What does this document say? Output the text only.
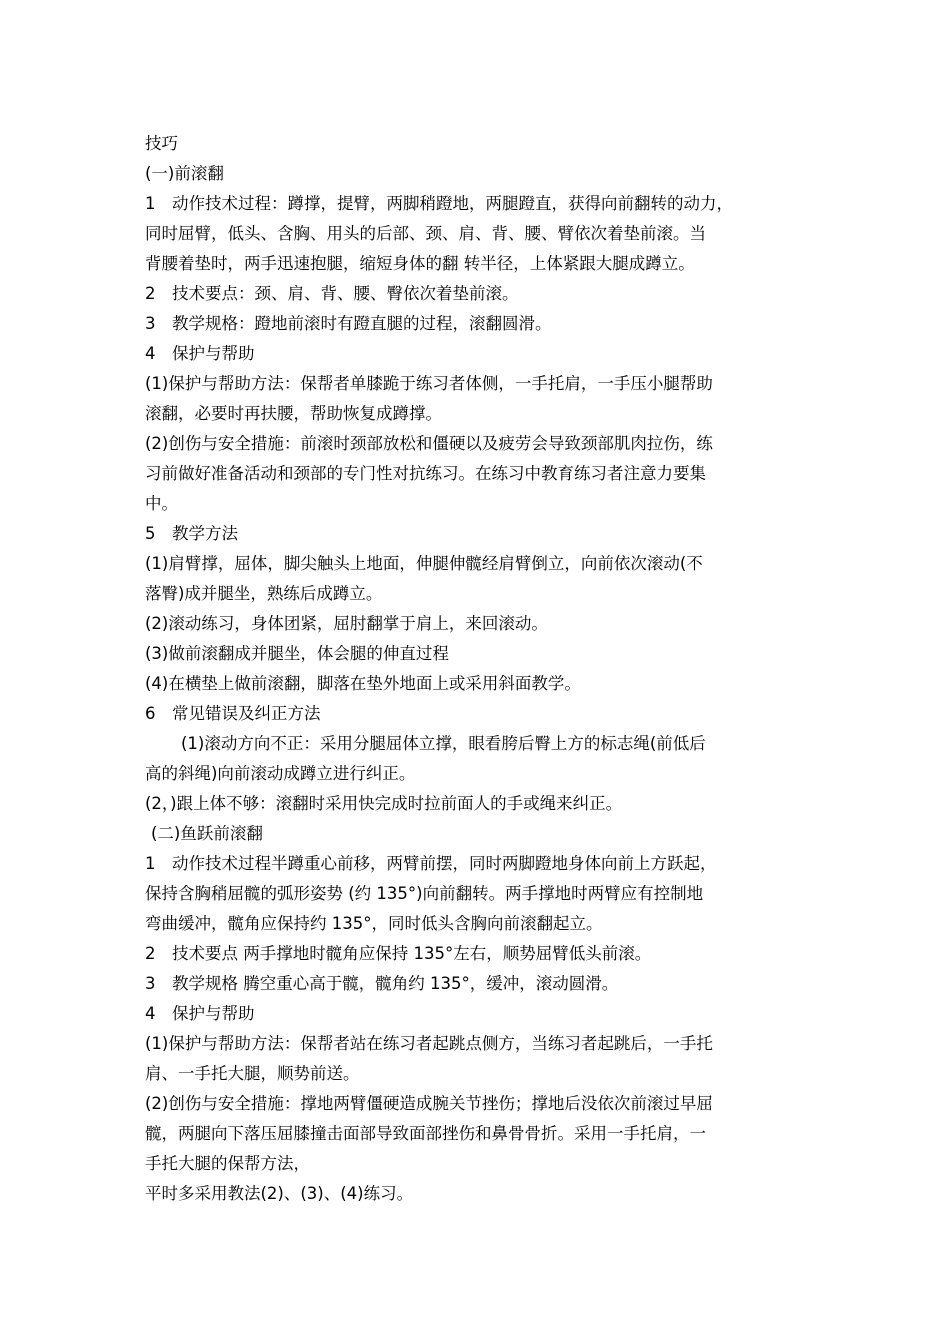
技巧
(一)前滚翻
1　动作技术过程：蹲撑，提臂，两脚稍蹬地，两腿蹬直，获得向前翻转的动力，
同时屈臂，低头、含胸、用头的后部、颈、肩、背、腰、臂依次着垫前滚。当
背腰着垫时，两手迅速抱腿，缩短身体的翻 转半径，上体紧跟大腿成蹲立。
2　技术要点：颈、肩、背、腰、臀依次着垫前滚。
3　教学规格：蹬地前滚时有蹬直腿的过程，滚翻圆滑。
4　保护与帮助
(1)保护与帮助方法：保帮者单膝跪于练习者体侧，一手托肩，一手压小腿帮助
滚翻，必要时再扶腰，帮助恢复成蹲撑。
(2)创伤与安全措施：前滚时颈部放松和僵硬以及疲劳会导致颈部肌肉拉伤，练
习前做好准备活动和颈部的专门性对抗练习。在练习中教育练习者注意力要集
中。
5　教学方法
(1)肩臂撑，屈体，脚尖触头上地面，伸腿伸髋经肩臂倒立，向前依次滚动(不
落臀)成并腿坐，熟练后成蹲立。
(2)滚动练习，身体团紧，屈肘翻掌于肩上，来回滚动。
(3)做前滚翻成并腿坐，体会腿的伸直过程
(4)在横垫上做前滚翻，脚落在垫外地面上或采用斜面教学。
6　常见错误及纠正方法
(1)滚动方向不正：采用分腿屈体立撑，眼看胯后臀上方的标志绳(前低后
高的斜绳)向前滚动成蹲立进行纠正。
(2，)跟上体不够：滚翻时采用快完成时拉前面人的手或绳来纠正。
(二)鱼跃前滚翻
1　动作技术过程半蹲重心前移，两臂前摆，同时两脚蹬地身体向前上方跃起，
保持含胸稍屈髋的弧形姿势 (约 135°)向前翻转。两手撑地时两臂应有控制地
弯曲缓冲，髋角应保持约 135°，同时低头含胸向前滚翻起立。
2　技术要点 两手撑地时髋角应保持 135°左右，顺势屈臂低头前滚。
3　教学规格 腾空重心高于髋，髋角约 135°，缓冲，滚动圆滑。
4　保护与帮助
(1)保护与帮助方法：保帮者站在练习者起跳点侧方，当练习者起跳后，一手托
肩、一手托大腿，顺势前送。
(2)创伤与安全措施：撑地两臂僵硬造成腕关节挫伤；撑地后没依次前滚过早屈
髋，两腿向下落压屈膝撞击面部导致面部挫伤和鼻骨骨折。采用一手托肩，一
手托大腿的保帮方法，
平时多采用教法(2)、(3)、(4)练习。
